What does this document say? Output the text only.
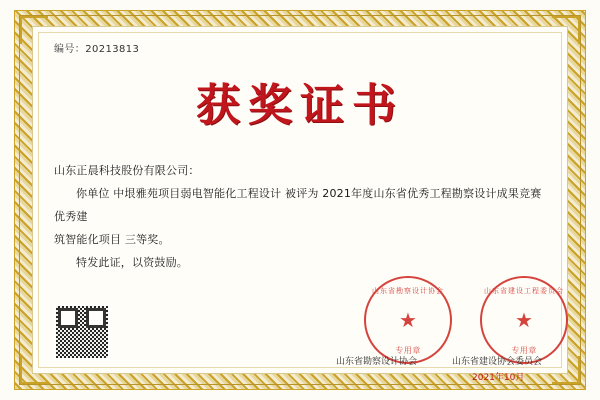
编号：20213813
获奖证书
山东正晨科技股份有限公司：
你单位 中垠雅苑项目弱电智能化工程设计 被评为 2021年度山东省优秀工程勘察设计成果竞赛 优秀建
筑智能化项目 三等奖。
特发此证，以资鼓励。
山东省勘察设计协会
★
专用章
山东省建设工程委员会
★
专用章
山东省勘察设计协会	山东省建设协会委员会
2021年10月
